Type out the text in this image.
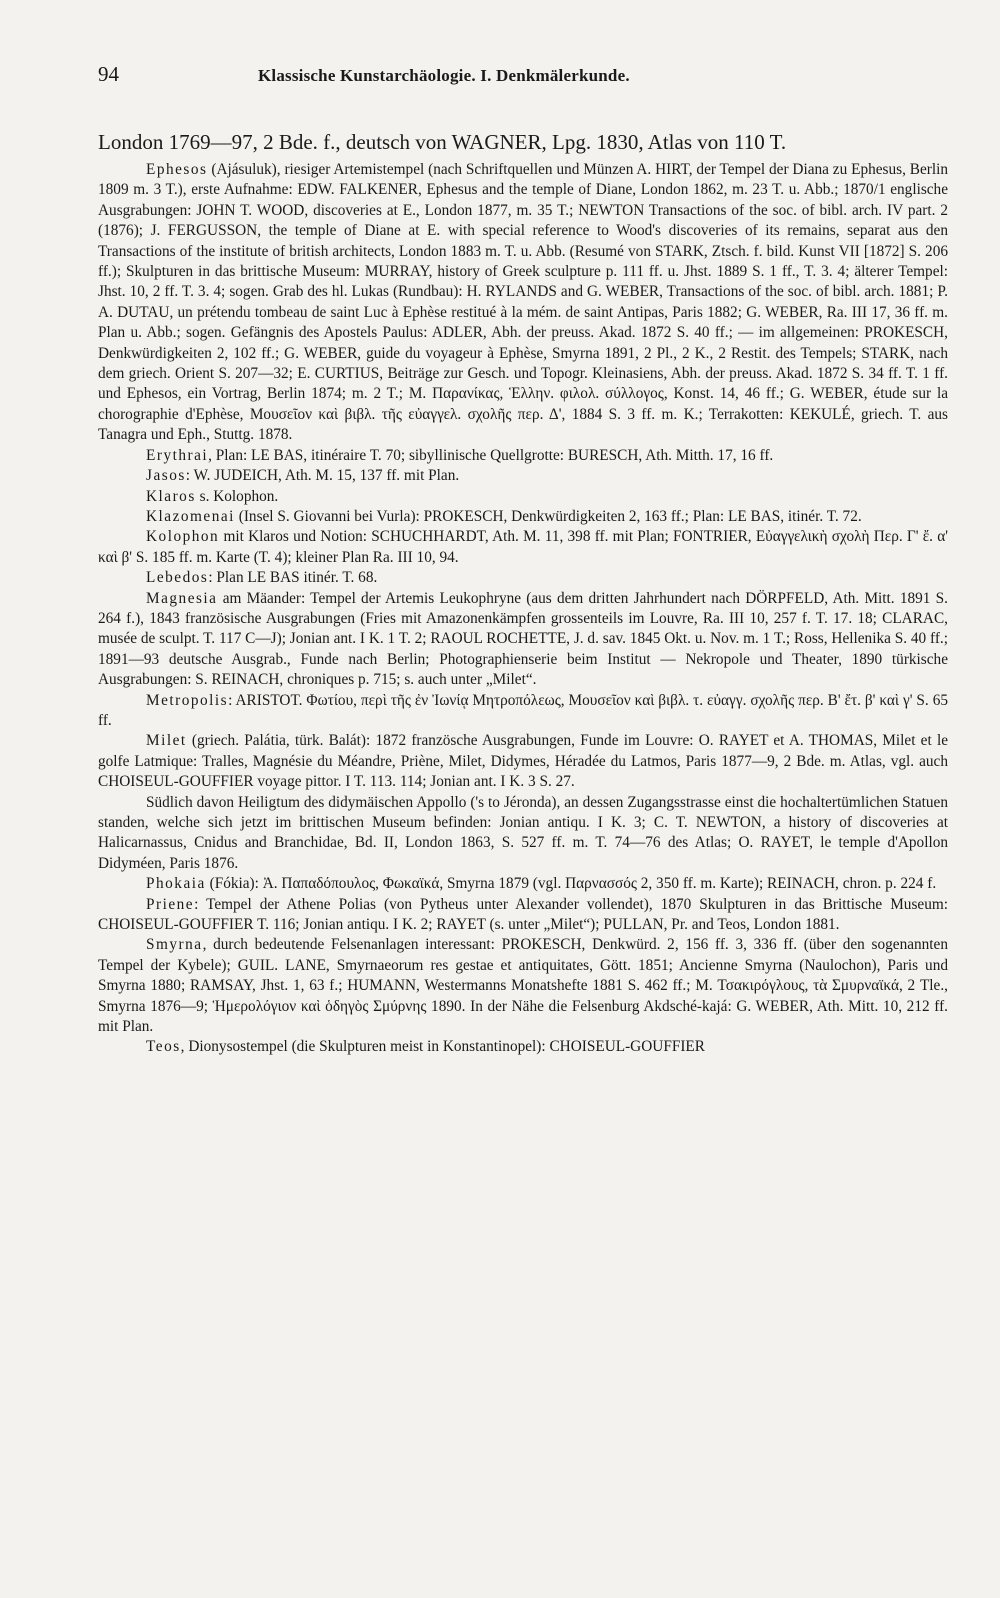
94	Klassische Kunstarchäologie. I. Denkmälerkunde.

London 1769—97, 2 Bde. f., deutsch von WAGNER, Lpg. 1830, Atlas von 110 T.

Ephesos (Ajásuluk), riesiger Artemistempel (nach Schriftquellen und Münzen A. HIRT, der Tempel der Diana zu Ephesus, Berlin 1809 m. 3 T.), erste Aufnahme: EDW. FALKENER, Ephesus and the temple of Diane, London 1862, m. 23 T. u. Abb.; 1870/1 englische Ausgrabungen: JOHN T. WOOD, discoveries at E., London 1877, m. 35 T.; NEWTON Transactions of the soc. of bibl. arch. IV part. 2 (1876); J. FERGUSSON, the temple of Diane at E. with special reference to Wood's discoveries of its remains, separat aus den Transactions of the institute of british architects, London 1883 m. T. u. Abb. (Resumé von STARK, Ztsch. f. bild. Kunst VII [1872] S. 206 ff.); Skulpturen in das brittische Museum: MURRAY, history of Greek sculpture p. 111 ff. u. Jhst. 1889 S. 1 ff., T. 3. 4; älterer Tempel: Jhst. 10, 2 ff. T. 3. 4; sogen. Grab des hl. Lukas (Rundbau): H. RYLANDS and G. WEBER, Transactions of the soc. of bibl. arch. 1881; P. A. DUTAU, un prétendu tombeau de saint Luc à Ephèse restitué à la mém. de saint Antipas, Paris 1882; G. WEBER, Ra. III 17, 36 ff. m. Plan u. Abb.; sogen. Gefängnis des Apostels Paulus: ADLER, Abh. der preuss. Akad. 1872 S. 40 ff.; — im allgemeinen: PROKESCH, Denkwürdigkeiten 2, 102 ff.; G. WEBER, guide du voyageur à Ephèse, Smyrna 1891, 2 Pl., 2 K., 2 Restit. des Tempels; STARK, nach dem griech. Orient S. 207—32; E. CURTIUS, Beiträge zur Gesch. und Topogr. Kleinasiens, Abh. der preuss. Akad. 1872 S. 34 ff. T. 1 ff. und Ephesos, ein Vortrag, Berlin 1874; m. 2 T.; M. Παρανίκας, Ἑλλην. φιλολ. σύλλογος, Konst. 14, 46 ff.; G. WEBER, étude sur la chorographie d'Ephèse, Μουσεῖον καὶ βιβλ. τῆς εὐαγγελ. σχολῆς περ. Δ', 1884 S. 3 ff. m. K.; Terrakotten: KEKULÉ, griech. T. aus Tanagra und Eph., Stuttg. 1878.

Erythrai, Plan: LE BAS, itinéraire T. 70; sibyllinische Quellgrotte: BURESCH, Ath. Mitth. 17, 16 ff.

Jasos: W. JUDEICH, Ath. M. 15, 137 ff. mit Plan.

Klaros s. Kolophon.

Klazomenai (Insel S. Giovanni bei Vurla): PROKESCH, Denkwürdigkeiten 2, 163 ff.; Plan: LE BAS, itinér. T. 72.

Kolophon mit Klaros und Notion: SCHUCHHARDT, Ath. M. 11, 398 ff. mit Plan; FONTRIER, Εὐαγγελικὴ σχολὴ Περ. Γ' ἔ. α' καὶ β' S. 185 ff. m. Karte (T. 4); kleiner Plan Ra. III 10, 94.

Lebedos: Plan LE BAS itinér. T. 68.

Magnesia am Mäander: Tempel der Artemis Leukophryne (aus dem dritten Jahrhundert nach DÖRPFELD, Ath. Mitt. 1891 S. 264 f.), 1843 französische Ausgrabungen (Fries mit Amazonenkämpfen grossenteils im Louvre, Ra. III 10, 257 f. T. 17. 18; CLARAC, musée de sculpt. T. 117 C—J); Jonian ant. I K. 1 T. 2; RAOUL ROCHETTE, J. d. sav. 1845 Okt. u. Nov. m. 1 T.; Ross, Hellenika S. 40 ff.; 1891—93 deutsche Ausgrab., Funde nach Berlin; Photographienserie beim Institut — Nekropole und Theater, 1890 türkische Ausgrabungen: S. REINACH, chroniques p. 715; s. auch unter „Milet“.

Metropolis: ARISTOT. Φωτίου, περὶ τῆς ἐν Ἰωνίᾳ Μητροπόλεως, Μουσεῖον καὶ βιβλ. τ. εὐαγγ. σχολῆς περ. Β' ἔτ. β' καὶ γ' S. 65 ff.

Milet (griech. Palátia, türk. Balát): 1872 französche Ausgrabungen, Funde im Louvre: O. RAYET et A. THOMAS, Milet et le golfe Latmique: Tralles, Magnésie du Méandre, Priène, Milet, Didymes, Héradée du Latmos, Paris 1877—9, 2 Bde. m. Atlas, vgl. auch CHOISEUL-GOUFFIER voyage pittor. I T. 113. 114; Jonian ant. I K. 3 S. 27.

Südlich davon Heiligtum des didymäischen Appollo ('s to Jéronda), an dessen Zugangsstrasse einst die hochaltertümlichen Statuen standen, welche sich jetzt im brittischen Museum befinden: Jonian antiqu. I K. 3; C. T. NEWTON, a history of discoveries at Halicarnassus, Cnidus and Branchidae, Bd. II, London 1863, S. 527 ff. m. T. 74—76 des Atlas; O. RAYET, le temple d'Apollon Didyméen, Paris 1876.

Phokaia (Fókia): Ἀ. Παπαδόπουλος, Φωκαϊκά, Smyrna 1879 (vgl. Παρνασσός 2, 350 ff. m. Karte); REINACH, chron. p. 224 f.

Priene: Tempel der Athene Polias (von Pytheus unter Alexander vollendet), 1870 Skulpturen in das Brittische Museum: CHOISEUL-GOUFFIER T. 116; Jonian antiqu. I K. 2; RAYET (s. unter „Milet“); PULLAN, Pr. and Teos, London 1881.

Smyrna, durch bedeutende Felsenanlagen interessant: PROKESCH, Denkwürd. 2, 156 ff. 3, 336 ff. (über den sogenannten Tempel der Kybele); GUIL. LANE, Smyrnaeorum res gestae et antiquitates, Gött. 1851; Ancienne Smyrna (Naulochon), Paris und Smyrna 1880; RAMSAY, Jhst. 1, 63 f.; HUMANN, Westermanns Monatshefte 1881 S. 462 ff.; M. Τσακιρόγλους, τὰ Σμυρναϊκά, 2 Tle., Smyrna 1876—9; Ἡμερολόγιον καὶ ὁδηγὸς Σμύρνης 1890. In der Nähe die Felsenburg Akdsché-kajá: G. WEBER, Ath. Mitt. 10, 212 ff. mit Plan.

Teos, Dionysostempel (die Skulpturen meist in Konstantinopel): CHOISEUL-GOUFFIER
